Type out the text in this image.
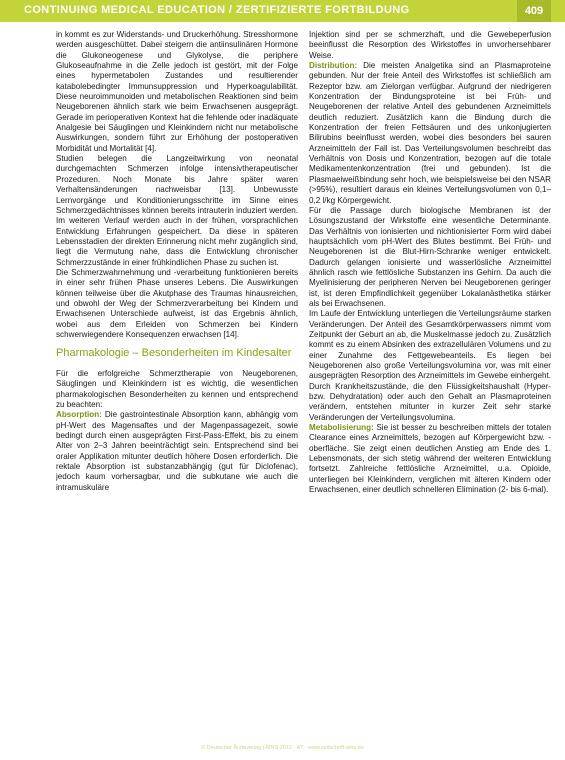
CONTINUING MEDICAL EDUCATION / ZERTIFIZIERTE FORTBILDUNG	409

in kommt es zur Widerstands- und Druckerhöhung. Stresshormone werden ausgeschüttet. Dabei steigern die antiinsulinären Hormone die Glukoneogenese und Glykolyse, die periphere Glukoseaufnahme in die Zelle jedoch ist gestört, mit der Folge eines hypermetabolen Zustandes und resultierender katabolebedingter Immunsuppression und Hyperkoagulabilität. Diese neuroimmunoiden und metabolischen Reaktionen sind beim Neugeborenen ähnlich stark wie beim Erwachsenen ausgeprägt. Gerade im perioperativen Kontext hat die fehlende oder inadäquate Analgesie bei Säuglingen und Kleinkindern nicht nur metabolische Auswirkungen, sondern führt zur Erhöhung der postoperativen Morbidität und Mortalität [4].

Studien belegen die Langzeitwirkung von neonatal durchgemachten Schmerzen infolge intensivtherapeutischer Prozeduren. Noch Monate bis Jahre später waren Verhaltensänderungen nachweisbar [13]. Unbewusste Lernvorgänge und Konditionierungsschritte im Sinne eines Schmerzgedächtnisses können bereits intrauterin induziert werden. Im weiteren Verlauf werden auch in der frühen, vorsprachlichen Entwicklung Erfahrungen gespeichert. Da diese in späteren Lebensstadien der direkten Erinnerung nicht mehr zugänglich sind, liegt die Vermutung nahe, dass die Entwicklung chronischer Schmerzzustände in einer frühkindlichen Phase zu suchen ist.

Die Schmerzwahrnehmung und -verarbeitung funktionieren bereits in einer sehr frühen Phase unseres Lebens. Die Auswirkungen können teilweise über die Akutphase des Traumas hinausreichen, und obwohl der Weg der Schmerzverarbeitung bei Kindern und Erwachsenen Unterschiede aufweist, ist das Ergebnis ähnlich, wobei aus dem Erleiden von Schmerzen bei Kindern schwerwiegendere Konsequenzen erwachsen [14].

Pharmakologie – Besonderheiten im Kindesalter

Für die erfolgreiche Schmerztherapie von Neugeborenen, Säuglingen und Kleinkindern ist es wichtig, die wesentlichen pharmakologischen Besonderheiten zu kennen und entsprechend zu beachten:

Absorption: Die gastrointestinale Absorption kann, abhängig vom pH-Wert des Magensaftes und der Magenpassagezeit, sowie bedingt durch einen ausgeprägten First-Pass-Effekt, bis zu einem Alter von 2–3 Jahren beeinträchtigt sein. Entsprechend sind bei oraler Applikation mitunter deutlich höhere Dosen erforderlich. Die rektale Absorption ist substanzabhängig (gut für Diclofenac), jedoch kaum vorhersagbar, und die subkutane wie auch die intramuskuläre

Injektion sind per se schmerzhaft, und die Gewebeperfusion beeinflusst die Resorption des Wirkstoffes in unvorhersehbarer Weise.

Distribution: Die meisten Analgetika sind an Plasmaproteine gebunden. Nur der freie Anteil des Wirkstoffes ist schließlich am Rezeptor bzw. am Zielorgan verfügbar. Aufgrund der niedrigeren Konzentration der Bindungsproteine ist bei Früh- und Neugeborenen der relative Anteil des gebundenen Arzneimittels deutlich reduziert. Zusätzlich kann die Bindung durch die Konzentration der freien Fettsäuren und des unkonjugierten Bilirubins beeinflusst werden, wobei dies besonders bei sauren Arzneimitteln der Fall ist. Das Verteilungsvolumen beschreibt das Verhältnis von Dosis und Konzentration, bezogen auf die totale Medikamentenkonzentration (frei und gebunden). Ist die Plasmaeiweißbindung sehr hoch, wie beispielsweise bei den NSAR (>95%), resultiert daraus ein kleines Verteilungsvolumen von 0,1–0,2 l/kg Körpergewicht.

Für die Passage durch biologische Membranen ist der Lösungszustand der Wirkstoffe eine wesentliche Determinante. Das Verhältnis von ionisierten und nichtionisierter Form wird dabei hauptsächlich vom pH-Wert des Blutes bestimmt. Bei Früh- und Neugeborenen ist die Blut-Hirn-Schranke weniger entwickelt. Dadurch gelangen ionisierte und wasserlösliche Arzneimittel ähnlich rasch wie fettlösliche Substanzen ins Gehirn. Da auch die Myelinisierung der peripheren Nerven bei Neugeborenen geringer ist, ist deren Empfindlichkeit gegenüber Lokalanästhetika stärker als bei Erwachsenen.

Im Laufe der Entwicklung unterliegen die Verteilungsräume starken Veränderungen. Der Anteil des Gesamtkörperwassers nimmt vom Zeitpunkt der Geburt an ab, die Muskelmasse jedoch zu. Zusätzlich kommt es zu einem Absinken des extrazellulären Volumens und zu einer Zunahme des Fettgewebeanteils. Es liegen bei Neugeborenen also große Verteilungsvolumina vor, was mit einer ausgeprägten Resorption des Arzneimittels im Gewebe einhergeht. Durch Krankheitszustände, die den Flüssigkeitshaushalt (Hyper- bzw. Dehydratation) oder auch den Gehalt an Plasmaproteinen verändern, entstehen mitunter in kurzer Zeit sehr starke Veränderungen der Verteilungsvolumina.

Metabolisierung: Sie ist besser zu beschreiben mittels der totalen Clearance eines Arzneimittels, bezogen auf Körpergewicht bzw. -oberfläche. Sie zeigt einen deutlichen Anstieg am Ende des 1. Lebensmonats, der sich stetig während der weiteren Entwicklung fortsetzt. Zahlreiche fettlösliche Arzneimittel, u.a. Opioide, unterliegen bei Kleinkindern, verglichen mit älteren Kindern oder Erwachsenen, einer deutlich schnelleren Elimination (2- bis 6-mal).

© Deutscher Ärzteverlag | AINS 2012 · 47 · www.zeitschrift-ains.de
